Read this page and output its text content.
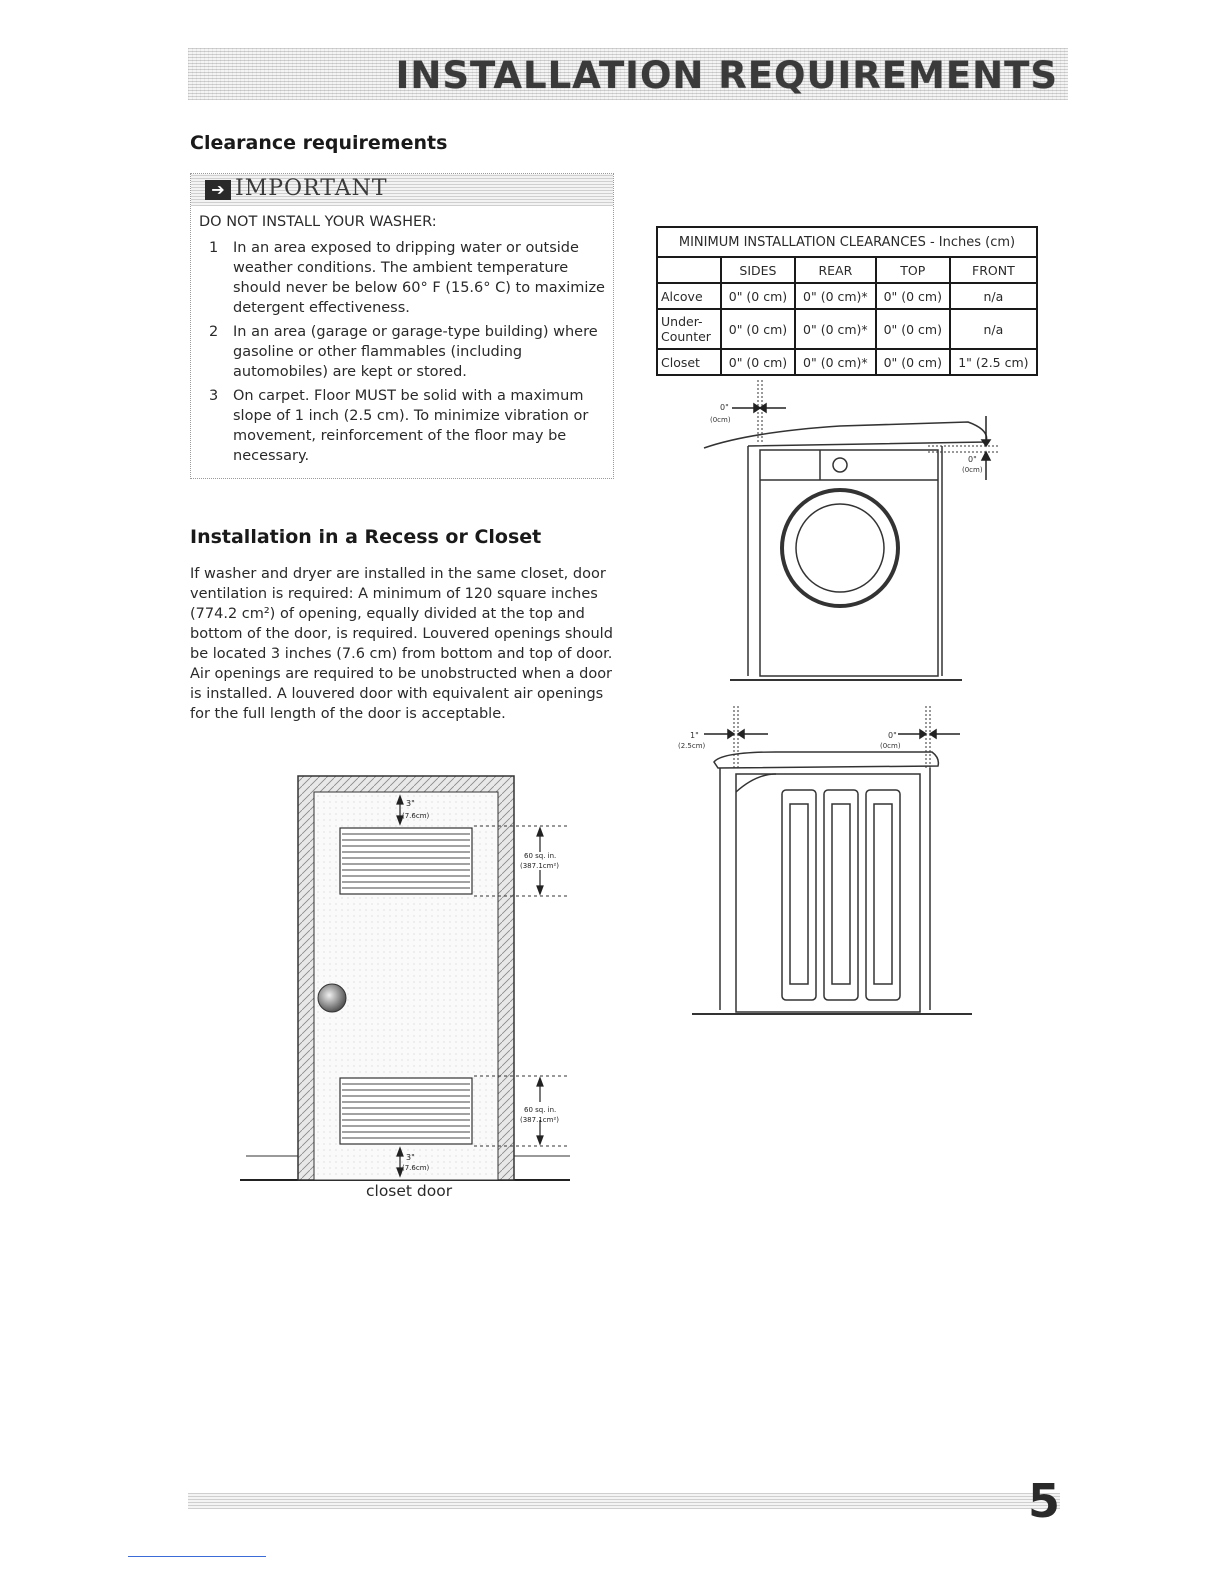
INSTALLATION REQUIREMENTS
Clearance requirements
➔ IMPORTANT
DO NOT INSTALL YOUR WASHER:
1 In an area exposed to dripping water or outside weather conditions. The ambient temperature should never be below 60° F (15.6° C) to maximize detergent effectiveness.
2 In an area (garage or garage-type building) where gasoline or other flammables (including automobiles) are kept or stored.
3 On carpet. Floor MUST be solid with a maximum slope of 1 inch (2.5 cm). To minimize vibration or movement, reinforcement of the floor may be necessary.
Installation in a Recess or Closet
If washer and dryer are installed in the same closet, door ventilation is required: A minimum of 120 square inches (774.2 cm²) of opening, equally divided at the top and bottom of the door, is required. Louvered openings should be located 3 inches (7.6 cm) from bottom and top of door. Air openings are required to be unobstructed when a door is installed. A louvered door with equivalent air openings for the full length of the door is acceptable.
MINIMUM INSTALLATION CLEARANCES - Inches (cm)				
	SIDES	REAR	TOP	FRONT
Alcove	0" (0 cm)	0" (0 cm)*	0" (0 cm)	n/a
Under-Counter	0" (0 cm)	0" (0 cm)*	0" (0 cm)	n/a
Closet	0" (0 cm)	0" (0 cm)*	0" (0 cm)	1" (2.5 cm)
0"
(0cm)
0"
(0cm)
1"
(2.5cm)
0"
(0cm)
3"
(7.6cm)
3"
(7.6cm)
60 sq. in.
(387.1cm²)
60 sq. in.
(387.1cm²)
closet door
5
